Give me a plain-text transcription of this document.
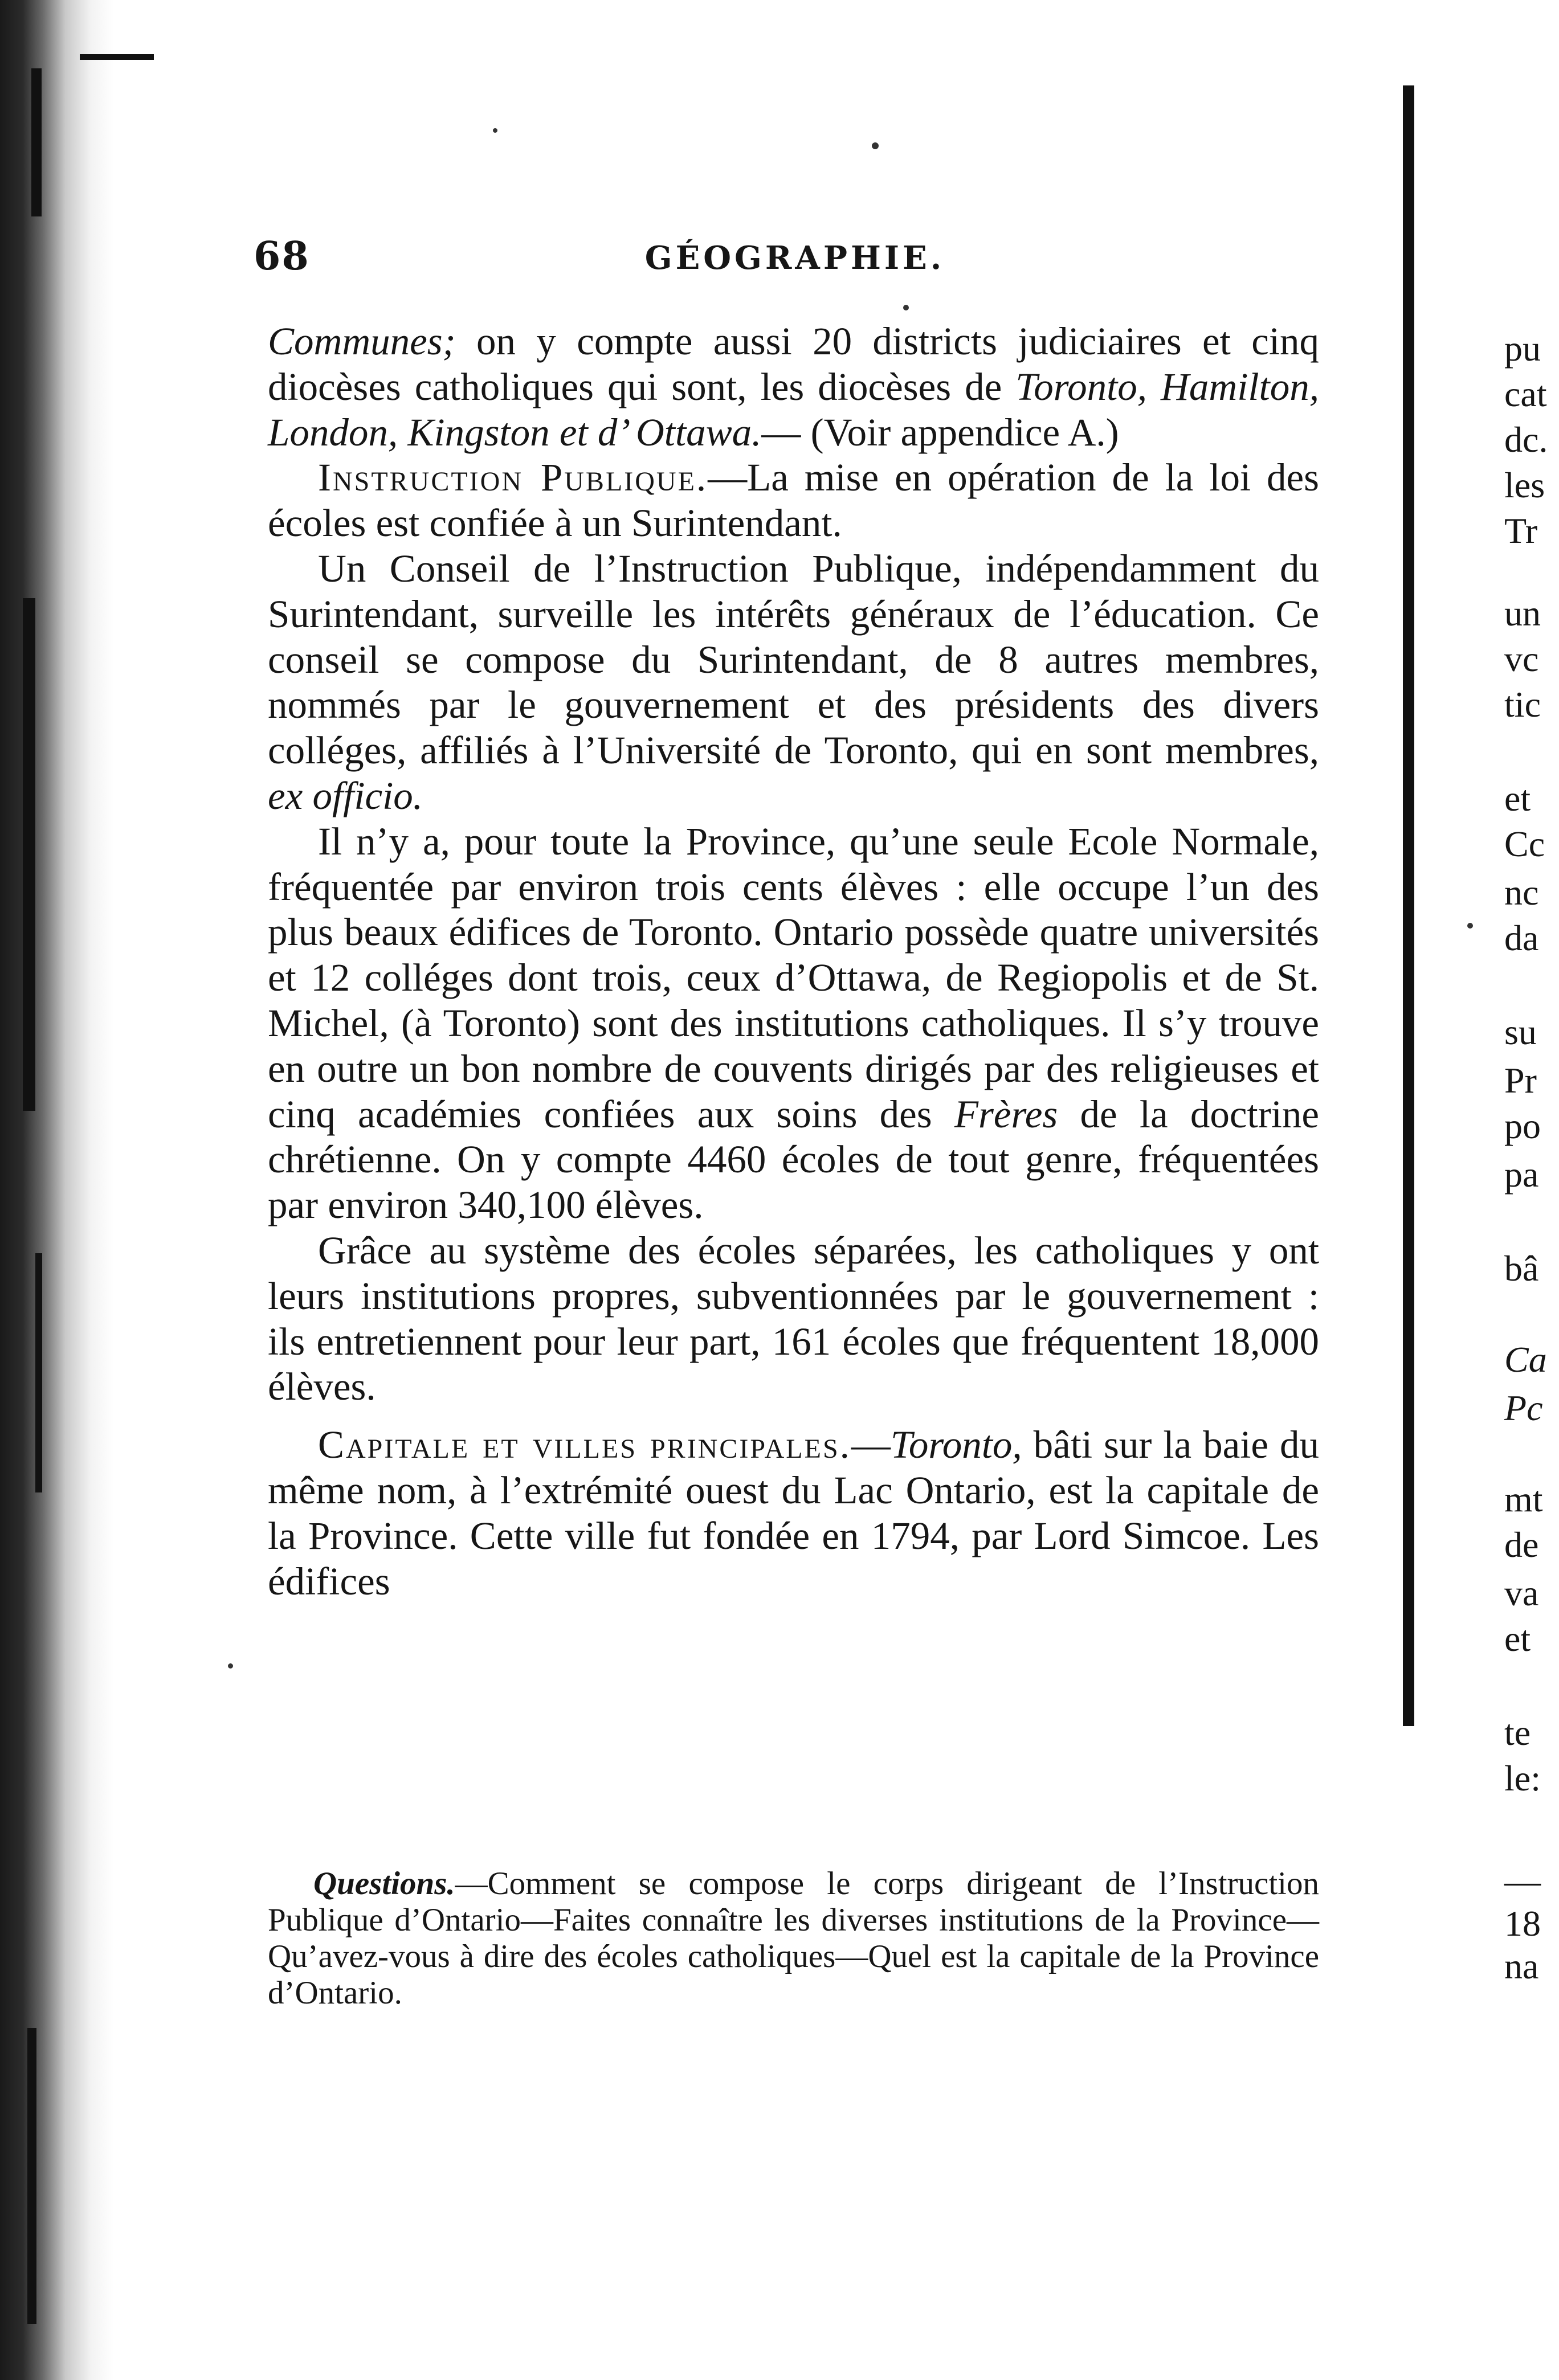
68	GÉOGRAPHIE.

Communes; on y compte aussi 20 districts judiciaires et cinq diocèses catholiques qui sont, les diocèses de Toronto, Hamilton, London, Kingston et d’ Ottawa.— (Voir appendice A.)

Instruction Publique.—La mise en opération de la loi des écoles est confiée à un Surintendant.

Un Conseil de l’Instruction Publique, indépendamment du Surintendant, surveille les intérêts généraux de l’éducation. Ce conseil se compose du Surintendant, de 8 autres membres, nommés par le gouvernement et des présidents des divers colléges, affiliés à l’Université de Toronto, qui en sont membres, ex officio.

Il n’y a, pour toute la Province, qu’une seule Ecole Normale, fréquentée par environ trois cents élèves : elle occupe l’un des plus beaux édifices de Toronto. Ontario possède quatre universités et 12 colléges dont trois, ceux d’Ottawa, de Regiopolis et de St. Michel, (à Toronto) sont des institutions catholiques. Il s’y trouve en outre un bon nombre de couvents dirigés par des religieuses et cinq académies confiées aux soins des Frères de la doctrine chrétienne. On y compte 4460 écoles de tout genre, fréquentées par environ 340,100 élèves.

Grâce au système des écoles séparées, les catholiques y ont leurs institutions propres, subventionnées par le gouvernement : ils entretiennent pour leur part, 161 écoles que fréquentent 18,000 élèves.

Capitale et villes principales.—Toronto, bâti sur la baie du même nom, à l’extrémité ouest du Lac Ontario, est la capitale de la Province. Cette ville fut fondée en 1794, par Lord Simcoe. Les édifices

Questions.—Comment se compose le corps dirigeant de l’Instruction Publique d’Ontario—Faites connaître les diverses institutions de la Province—Qu’avez-vous à dire des écoles catholiques—Quel est la capitale de la Province d’Ontario.
pu
cat
dc.
les
Tr
un
vc
tic
et
Cc
nc
da
su
Pr
po
pa
bâ
Ca
Pc
mt
de
va
et
te
le:
—
18
na
